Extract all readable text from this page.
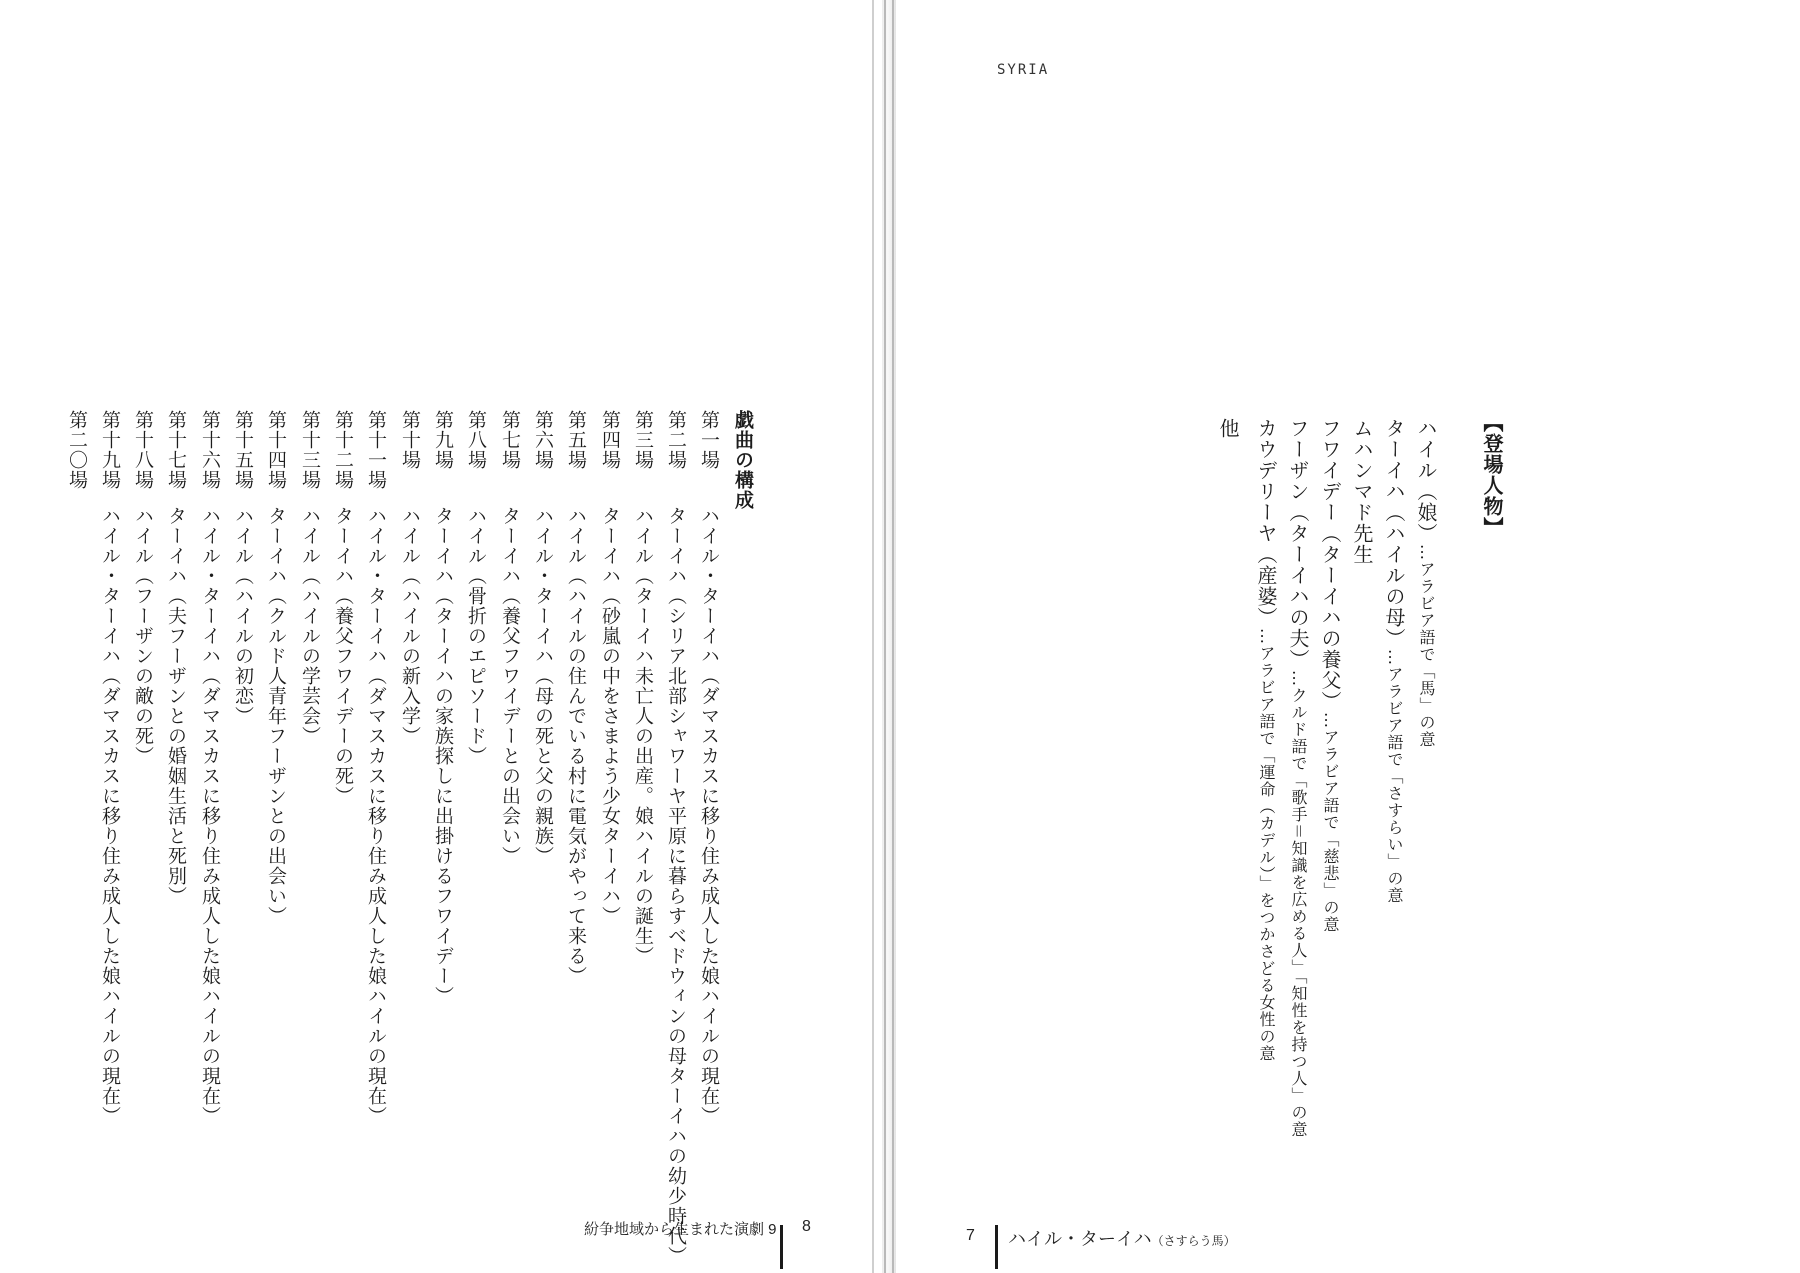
戯曲の構成
第一場
ハイル・ターイハ（ダマスカスに移り住み成人した娘ハイルの現在）
第二場
ターイハ（シリア北部シャワーヤ平原に暮らすベドウィンの母ターイハの幼少時代）
第三場
ハイル（ターイハ未亡人の出産。娘ハイルの誕生）
第四場
ターイハ（砂嵐の中をさまよう少女ターイハ）
第五場
ハイル（ハイルの住んでいる村に電気がやって来る）
第六場
ハイル・ターイハ（母の死と父の親族）
第七場
ターイハ（養父フワイデーとの出会い）
第八場
ハイル（骨折のエピソード）
第九場
ターイハ（ターイハの家族探しに出掛けるフワイデー）
第十場
ハイル（ハイルの新入学）
第十一場
ハイル・ターイハ（ダマスカスに移り住み成人した娘ハイルの現在）
第十二場
ターイハ（養父フワイデーの死）
第十三場
ハイル（ハイルの学芸会）
第十四場
ターイハ（クルド人青年フーザンとの出会い）
第十五場
ハイル（ハイルの初恋）
第十六場
ハイル・ターイハ（ダマスカスに移り住み成人した娘ハイルの現在）
第十七場
ターイハ（夫フーザンとの婚姻生活と死別）
第十八場
ハイル（フーザンの敵の死）
第十九場
ハイル・ターイハ（ダマスカスに移り住み成人した娘ハイルの現在）
第二〇場
紛争地域から生まれた演劇 9 8
SYRIA
【登場人物】
ハイル（娘）…アラビア語で「馬」の意
ターイハ（ハイルの母）…アラビア語で「さすらい」の意
ムハンマド先生
フワイデー（ターイハの養父）…アラビア語で「慈悲」の意
フーザン（ターイハの夫）…クルド語で「歌手＝知識を広める人」「知性を持つ人」の意
カウデリーヤ（産婆）…アラビア語で「運命（カデル）」をつかさどる女性の意
他
7 ハイル・ターイハ（さすらう馬）
